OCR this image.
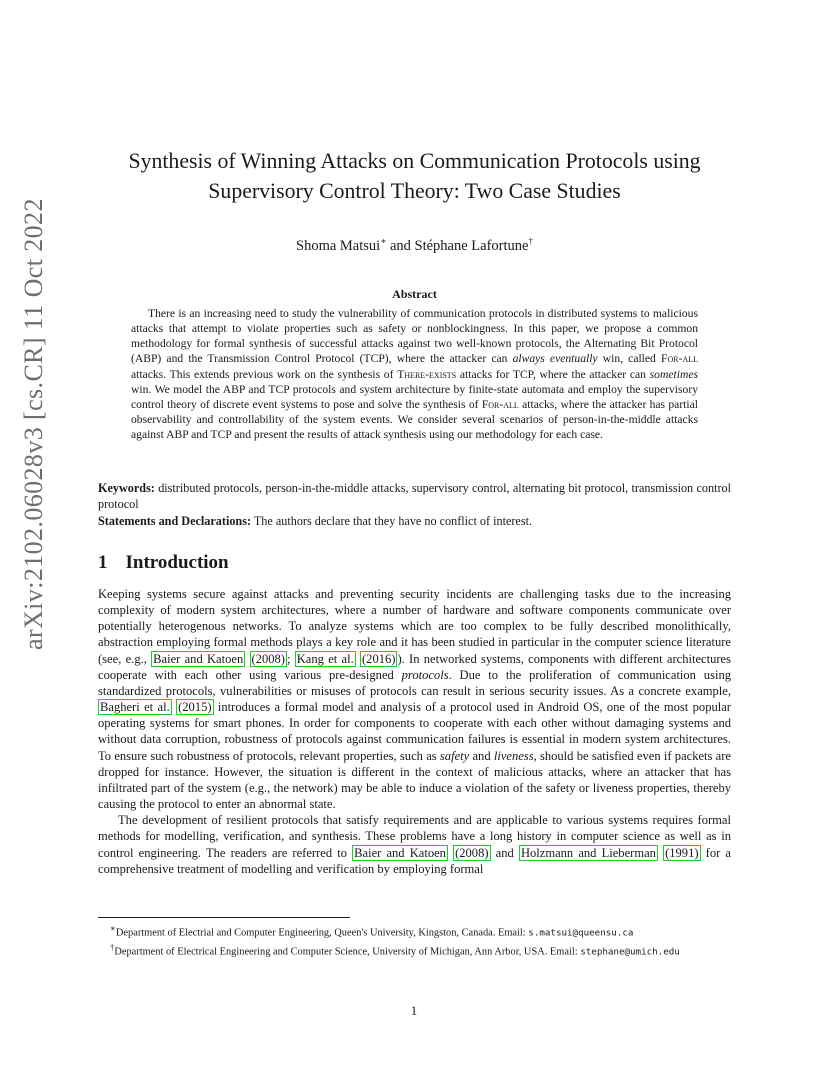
arXiv:2102.06028v3 [cs.CR] 11 Oct 2022
Synthesis of Winning Attacks on Communication Protocols using
Supervisory Control Theory: Two Case Studies
Shoma Matsui∗ and Stéphane Lafortune†
Abstract
There is an increasing need to study the vulnerability of communication protocols in distributed systems to malicious attacks that attempt to violate properties such as safety or nonblockingness. In this paper, we propose a common methodology for formal synthesis of successful attacks against two well-known protocols, the Alternating Bit Protocol (ABP) and the Transmission Control Protocol (TCP), where the attacker can always eventually win, called For-all attacks. This extends previous work on the synthesis of There-exists attacks for TCP, where the attacker can sometimes win. We model the ABP and TCP protocols and system architecture by finite-state automata and employ the supervisory control theory of discrete event systems to pose and solve the synthesis of For-all attacks, where the attacker has partial observability and controllability of the system events. We consider several scenarios of person-in-the-middle attacks against ABP and TCP and present the results of attack synthesis using our methodology for each case.
Keywords: distributed protocols, person-in-the-middle attacks, supervisory control, alternating bit protocol, transmission control protocol
Statements and Declarations: The authors declare that they have no conflict of interest.
1 Introduction

Keeping systems secure against attacks and preventing security incidents are challenging tasks due to the increasing complexity of modern system architectures, where a number of hardware and software components communicate over potentially heterogenous networks. To analyze systems which are too complex to be fully described monolithically, abstraction employing formal methods plays a key role and it has been studied in particular in the computer science literature (see, e.g., Baier and Katoen (2008) ; Kang et al. (2016) ). In networked systems, components with different architectures cooperate with each other using various pre-designed protocols. Due to the proliferation of communication using standardized protocols, vulnerabilities or misuses of protocols can result in serious security issues. As a concrete example, Bagheri et al. (2015) introduces a formal model and analysis of a protocol used in Android OS, one of the most popular operating systems for smart phones. In order for components to cooperate with each other without damaging systems and without data corruption, robustness of protocols against communication failures is essential in modern system architectures. To ensure such robustness of protocols, relevant properties, such as safety and liveness, should be satisfied even if packets are dropped for instance. However, the situation is different in the context of malicious attacks, where an attacker that has infiltrated part of the system (e.g., the network) may be able to induce a violation of the safety or liveness properties, thereby causing the protocol to enter an abnormal state.

The development of resilient protocols that satisfy requirements and are applicable to various systems requires formal methods for modelling, verification, and synthesis. These problems have a long history in computer science as well as in control engineering. The readers are referred to Baier and Katoen (2008) and Holzmann and Lieberman (1991) for a comprehensive treatment of modelling and verification by employing formal

∗Department of Electrial and Computer Engineering, Queen's University, Kingston, Canada. Email: s.matsui@queensu.ca

†Department of Electrical Engineering and Computer Science, University of Michigan, Ann Arbor, USA. Email: stephane@umich.edu

1
